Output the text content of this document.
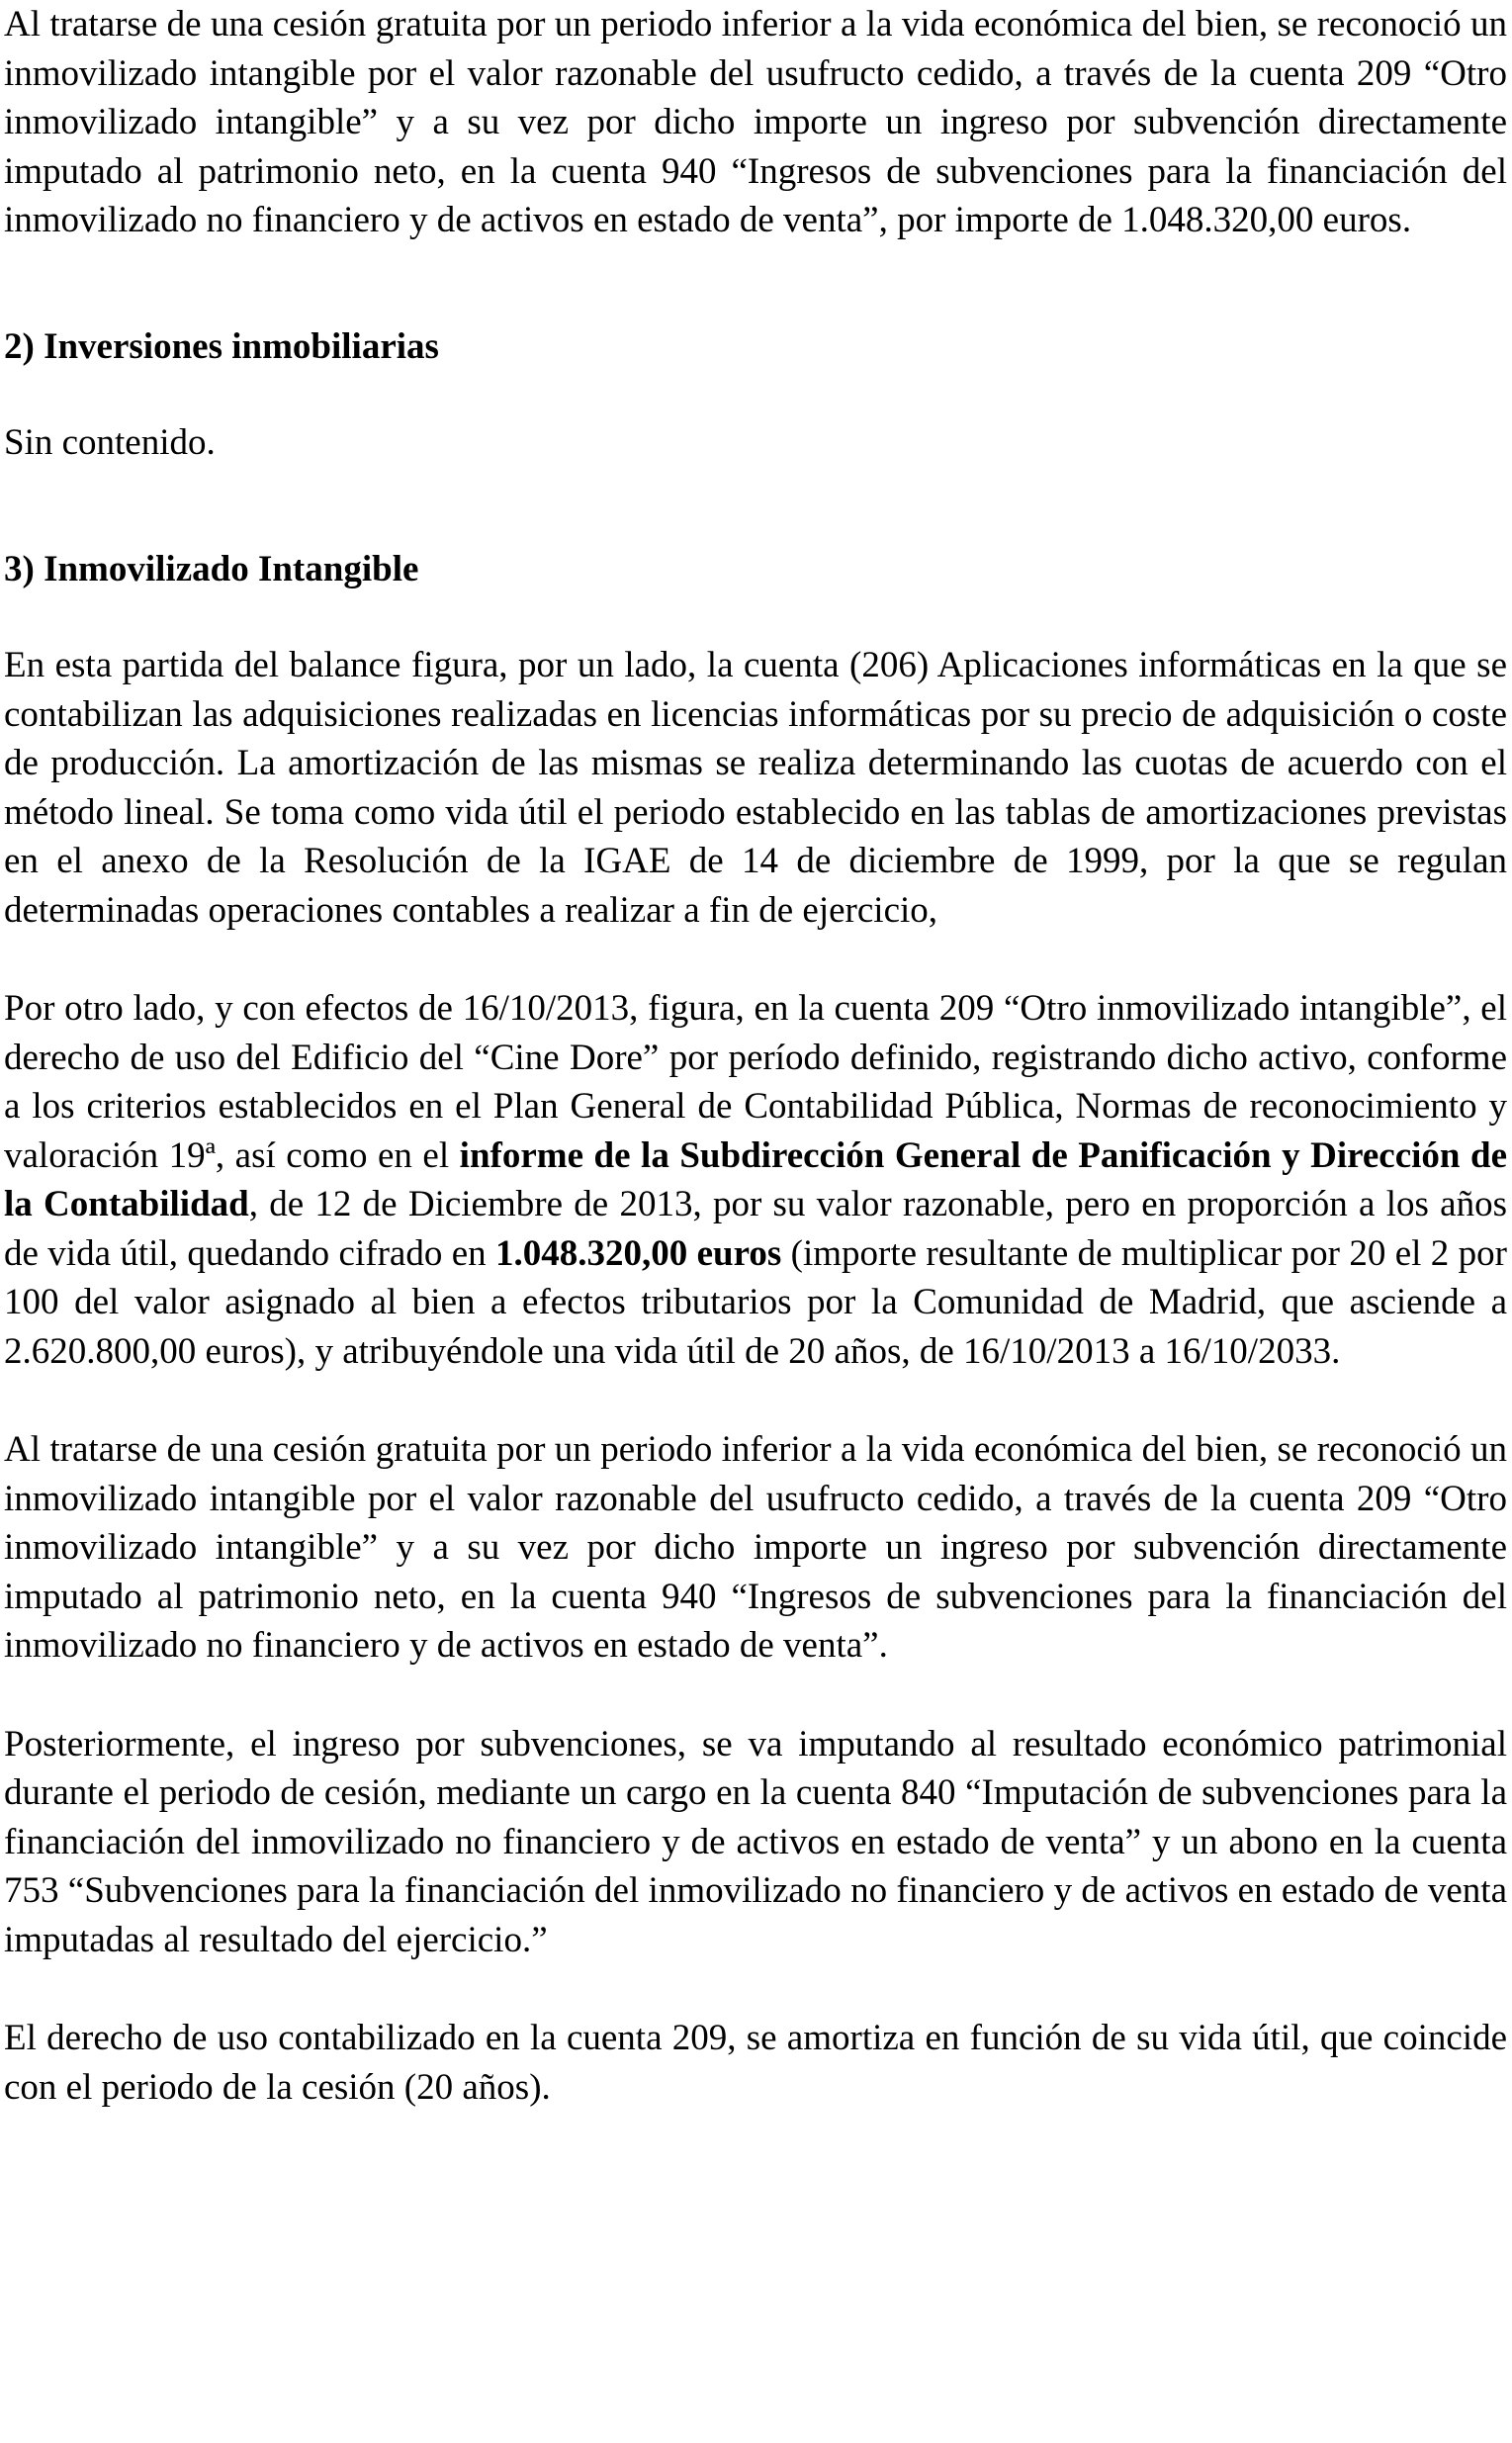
Al tratarse de una cesión gratuita por un periodo inferior a la vida económica del bien, se reconoció un inmovilizado intangible por el valor razonable del usufructo cedido, a través de la cuenta 209 “Otro inmovilizado intangible” y a su vez por dicho importe un ingreso por subvención directamente imputado al patrimonio neto, en la cuenta 940 “Ingresos de subvenciones para la financiación del inmovilizado no financiero y de activos en estado de venta”, por importe de 1.048.320,00 euros.

2) Inversiones inmobiliarias

Sin contenido.

3) Inmovilizado Intangible

En esta partida del balance figura, por un lado, la cuenta (206) Aplicaciones informáticas en la que se contabilizan las adquisiciones realizadas en licencias informáticas por su precio de adquisición o coste de producción. La amortización de las mismas se realiza determinando las cuotas de acuerdo con el método lineal. Se toma como vida útil el periodo establecido en las tablas de amortizaciones previstas en el anexo de la Resolución de la IGAE de 14 de diciembre de 1999, por la que se regulan determinadas operaciones contables a realizar a fin de ejercicio,

Por otro lado, y con efectos de 16/10/2013, figura, en la cuenta 209 “Otro inmovilizado intangible”, el derecho de uso del Edificio del “Cine Dore” por período definido, registrando dicho activo, conforme a los criterios establecidos en el Plan General de Contabilidad Pública, Normas de reconocimiento y valoración 19ª, así como en el informe de la Subdirección General de Panificación y Dirección de la Contabilidad, de 12 de Diciembre de 2013, por su valor razonable, pero en proporción a los años de vida útil, quedando cifrado en 1.048.320,00 euros (importe resultante de multiplicar por 20 el 2 por 100 del valor asignado al bien a efectos tributarios por la Comunidad de Madrid, que asciende a 2.620.800,00 euros), y atribuyéndole una vida útil de 20 años, de 16/10/2013 a 16/10/2033.

Al tratarse de una cesión gratuita por un periodo inferior a la vida económica del bien, se reconoció un inmovilizado intangible por el valor razonable del usufructo cedido, a través de la cuenta 209 “Otro inmovilizado intangible” y a su vez por dicho importe un ingreso por subvención directamente imputado al patrimonio neto, en la cuenta 940 “Ingresos de subvenciones para la financiación del inmovilizado no financiero y de activos en estado de venta”.

Posteriormente, el ingreso por subvenciones, se va imputando al resultado económico patrimonial durante el periodo de cesión, mediante un cargo en la cuenta 840 “Imputación de subvenciones para la financiación del inmovilizado no financiero y de activos en estado de venta” y un abono en la cuenta 753 “Subvenciones para la financiación del inmovilizado no financiero y de activos en estado de venta imputadas al resultado del ejercicio.”

El derecho de uso contabilizado en la cuenta 209, se amortiza en función de su vida útil, que coincide con el periodo de la cesión (20 años).
